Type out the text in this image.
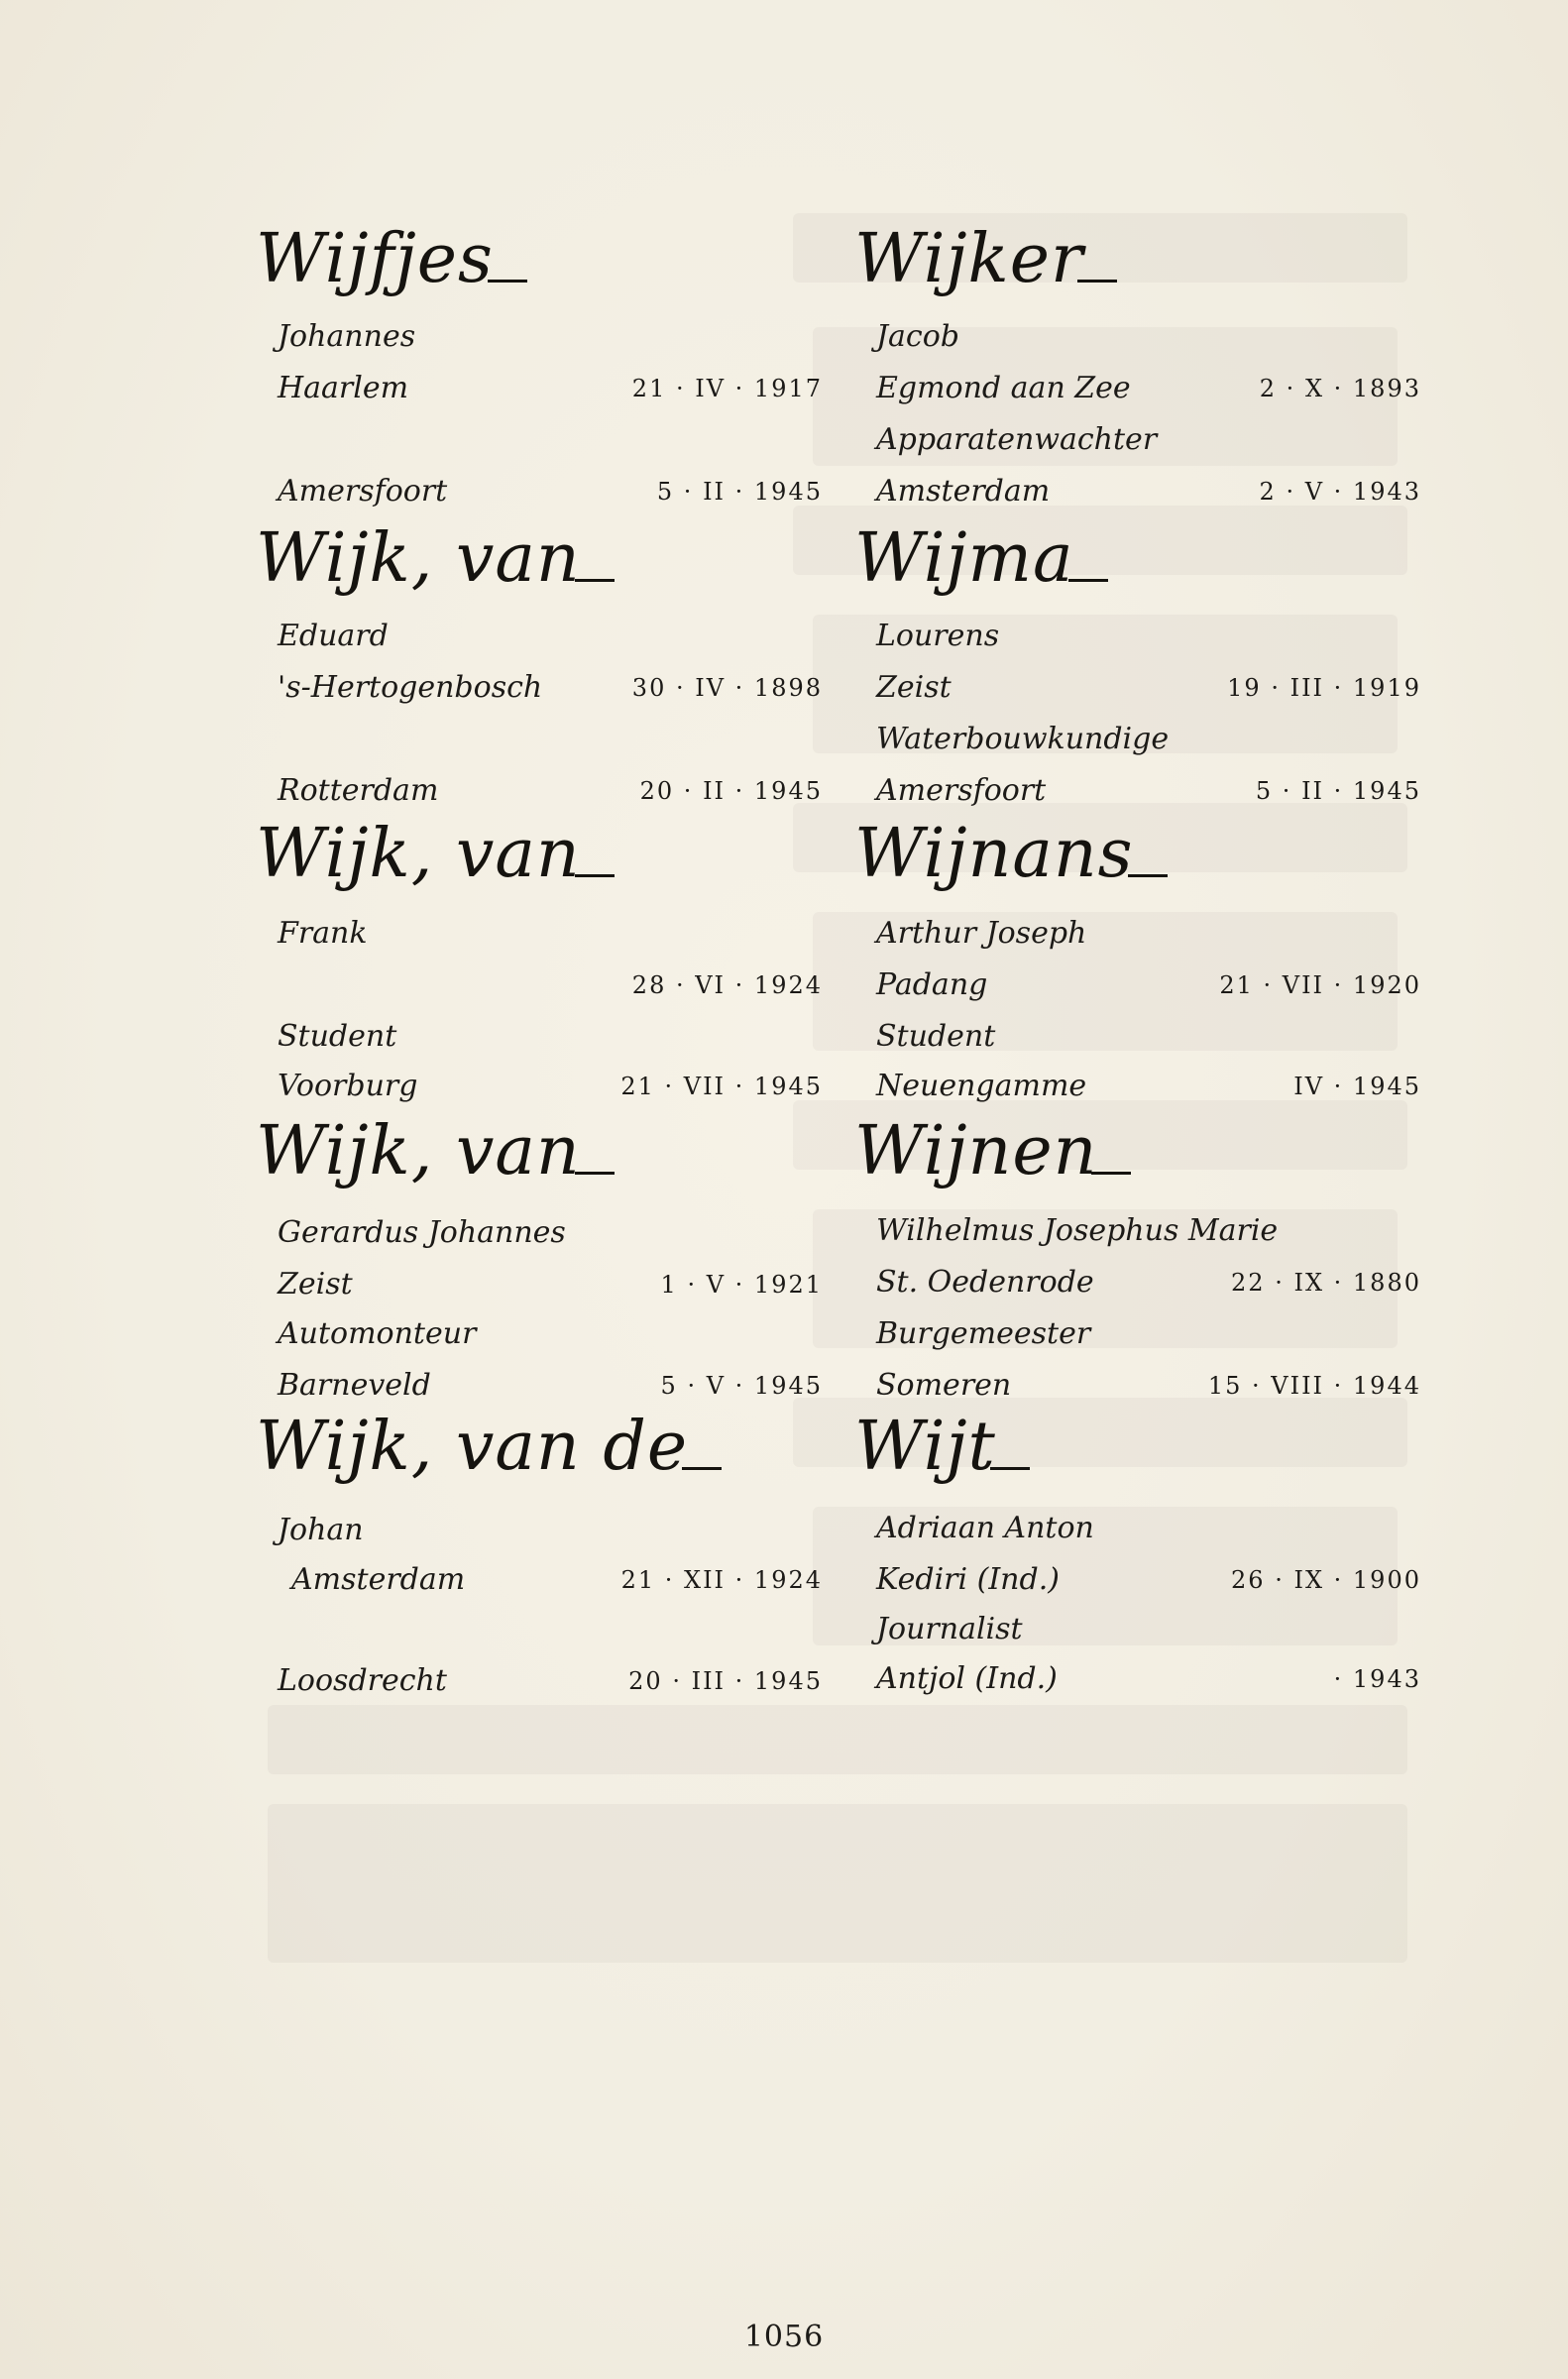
Wijfjes
Johannes
Haarlem	21 · IV · 1917
Amersfoort	5 · II · 1945
Wijk, van
Eduard
's-Hertogenbosch	30 · IV · 1898
Rotterdam	20 · II · 1945
Wijk, van
Frank
28 · VI · 1924
Student
Voorburg	21 · VII · 1945
Wijk, van
Gerardus Johannes
Zeist	1 · V · 1921
Automonteur
Barneveld	5 · V · 1945
Wijk, van de
Johan
Amsterdam	21 · XII · 1924
Loosdrecht	20 · III · 1945
Wijker
Jacob
Egmond aan Zee	2 · X · 1893
Apparatenwachter
Amsterdam	2 · V · 1943
Wijma
Lourens
Zeist	19 · III · 1919
Waterbouwkundige
Amersfoort	5 · II · 1945
Wijnans
Arthur Joseph
Padang	21 · VII · 1920
Student
Neuengamme	IV · 1945
Wijnen
Wilhelmus Josephus Marie
St. Oedenrode	22 · IX · 1880
Burgemeester
Someren	15 · VIII · 1944
Wijt
Adriaan Anton
Kediri (Ind.)	26 · IX · 1900
Journalist
Antjol (Ind.)	· 1943
1056
